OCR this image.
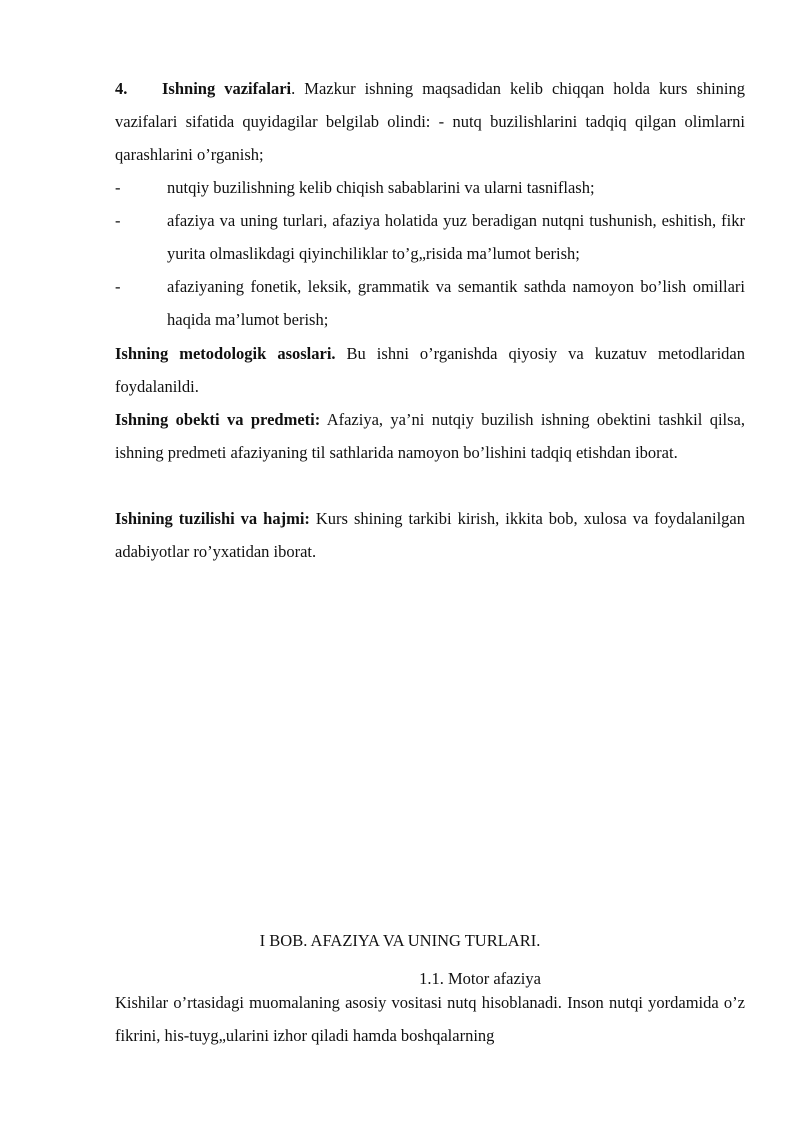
4. Ishning vazifalari. Mazkur ishning maqsadidan kelib chiqqan holda kurs shining vazifalari sifatida quyidagilar belgilab olindi: - nutq buzilishlarini tadqiq qilgan olimlarni qarashlarini o’rganish;

-	nutqiy buzilishning kelib chiqish sabablarini va ularni tasniflash;
-	afaziya va uning turlari, afaziya holatida yuz beradigan nutqni tushunish, eshitish, fikr yurita olmaslikdagi qiyinchiliklar to’g„risida ma’lumot berish;
-	afaziyaning fonetik, leksik, grammatik va semantik sathda namoyon bo’lish omillari haqida ma’lumot berish;

Ishning metodologik asoslari. Bu ishni o’rganishda qiyosiy va kuzatuv metodlaridan foydalanildi.

Ishning obekti va predmeti: Afaziya, ya’ni nutqiy buzilish ishning obektini tashkil qilsa, ishning predmeti afaziyaning til sathlarida namoyon bo’lishini tadqiq etishdan iborat.

Ishining tuzilishi va hajmi: Kurs shining tarkibi kirish, ikkita bob, xulosa va foydalanilgan adabiyotlar ro’yxatidan iborat.

I BOB. AFAZIYA VA UNING TURLARI.

1.1. Motor afaziya

Kishilar o’rtasidagi muomalaning asosiy vositasi nutq hisoblanadi. Inson nutqi yordamida o’z fikrini, his-tuyg„ularini izhor qiladi hamda boshqalarning
